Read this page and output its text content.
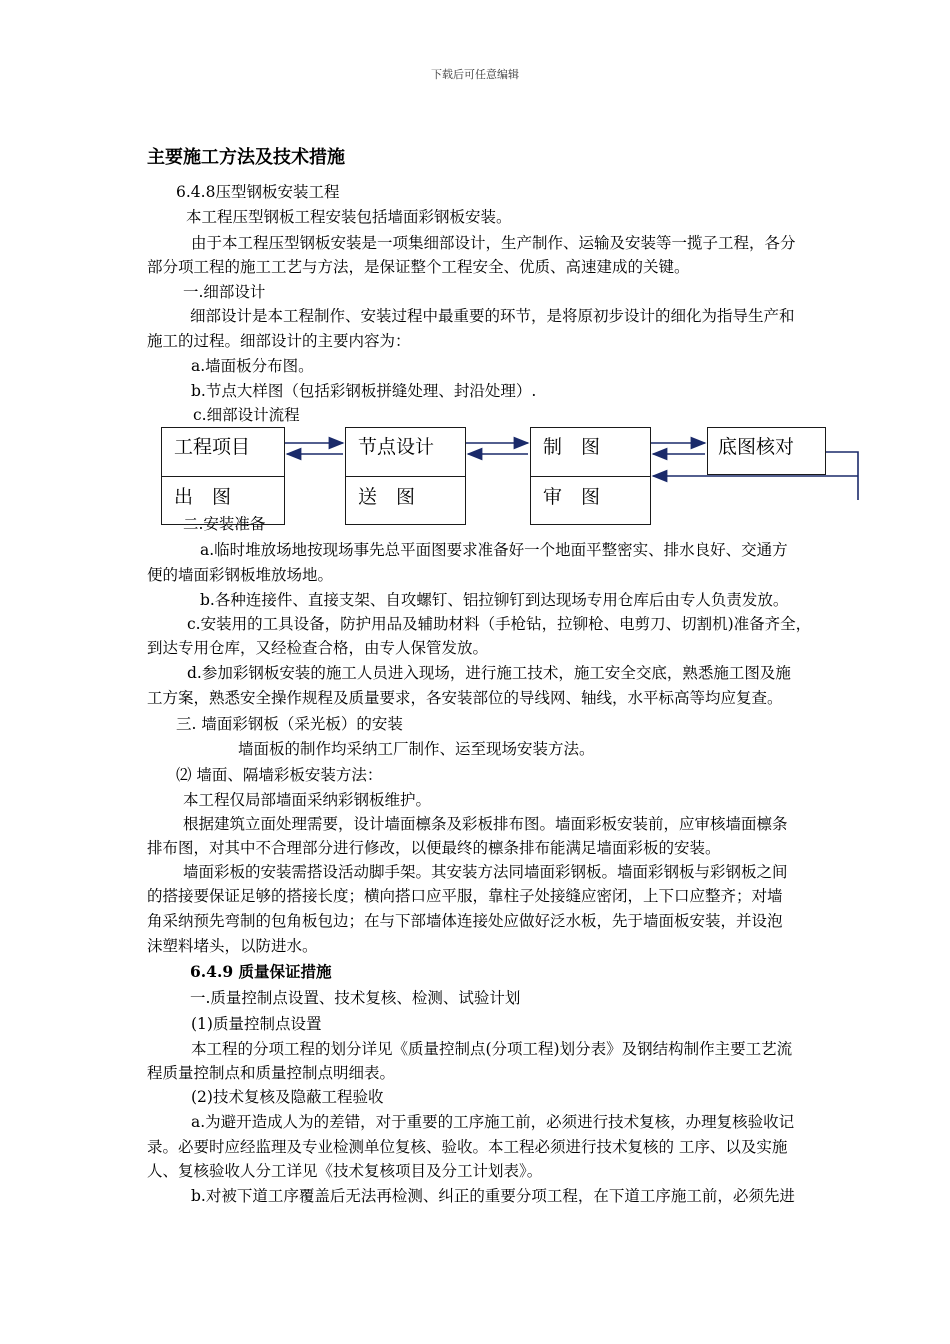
下载后可任意编辑
主要施工方法及技术措施
6.4.8压型钢板安装工程
本工程压型钢板工程安装包括墙面彩钢板安装。
由于本工程压型钢板安装是一项集细部设计，生产制作、运输及安装等一揽子工程，各分
部分项工程的施工工艺与方法，是保证整个工程安全、优质、高速建成的关键。
一.细部设计
细部设计是本工程制作、安装过程中最重要的环节，是将原初步设计的细化为指导生产和
施工的过程。细部设计的主要内容为：
a.墙面板分布图。
b.节点大样图（包括彩钢板拼缝处理、封沿处理）.
c.细部设计流程
二.安装准备
a.临时堆放场地按现场事先总平面图要求准备好一个地面平整密实、排水良好、交通方
便的墙面彩钢板堆放场地。
b.各种连接件、直接支架、自攻螺钉、铝拉铆钉到达现场专用仓库后由专人负责发放。
c.安装用的工具设备，防护用品及辅助材料（手枪钻，拉铆枪、电剪刀、切割机)准备齐全，
到达专用仓库，又经检查合格，由专人保管发放。
d.参加彩钢板安装的施工人员进入现场，进行施工技术，施工安全交底，熟悉施工图及施
工方案，熟悉安全操作规程及质量要求，各安装部位的导线网、轴线，水平标高等均应复查。
三. 墙面彩钢板（采光板）的安装
墙面板的制作均采纳工厂制作、运至现场安装方法。
⑵ 墙面、隔墙彩板安装方法：
本工程仅局部墙面采纳彩钢板维护。
根据建筑立面处理需要，设计墙面檩条及彩板排布图。墙面彩板安装前，应审核墙面檩条
排布图，对其中不合理部分进行修改，以便最终的檩条排布能满足墙面彩板的安装。
墙面彩板的安装需搭设活动脚手架。其安装方法同墙面彩钢板。墙面彩钢板与彩钢板之间
的搭接要保证足够的搭接长度；横向搭口应平服，靠柱子处接缝应密闭，上下口应整齐；对墙
角采纳预先弯制的包角板包边；在与下部墙体连接处应做好泛水板，先于墙面板安装，并设泡
沫塑料堵头，以防进水。
6.4.9 质量保证措施
一.质量控制点设置、技术复核、检测、试验计划
(1)质量控制点设置
本工程的分项工程的划分详见《质量控制点(分项工程)划分表》及钢结构制作主要工艺流
程质量控制点和质量控制点明细表。
(2)技术复核及隐蔽工程验收
a.为避开造成人为的差错，对于重要的工序施工前，必须进行技术复核，办理复核验收记
录。必要时应经监理及专业检测单位复核、验收。本工程必须进行技术复核的 工序、以及实施
人、复核验收人分工详见《技术复核项目及分工计划表》。
b.对被下道工序覆盖后无法再检测、纠正的重要分项工程，在下道工序施工前，必须先进
工程项目
出　图
节点设计
送　图
制　图
审　图
底图核对
